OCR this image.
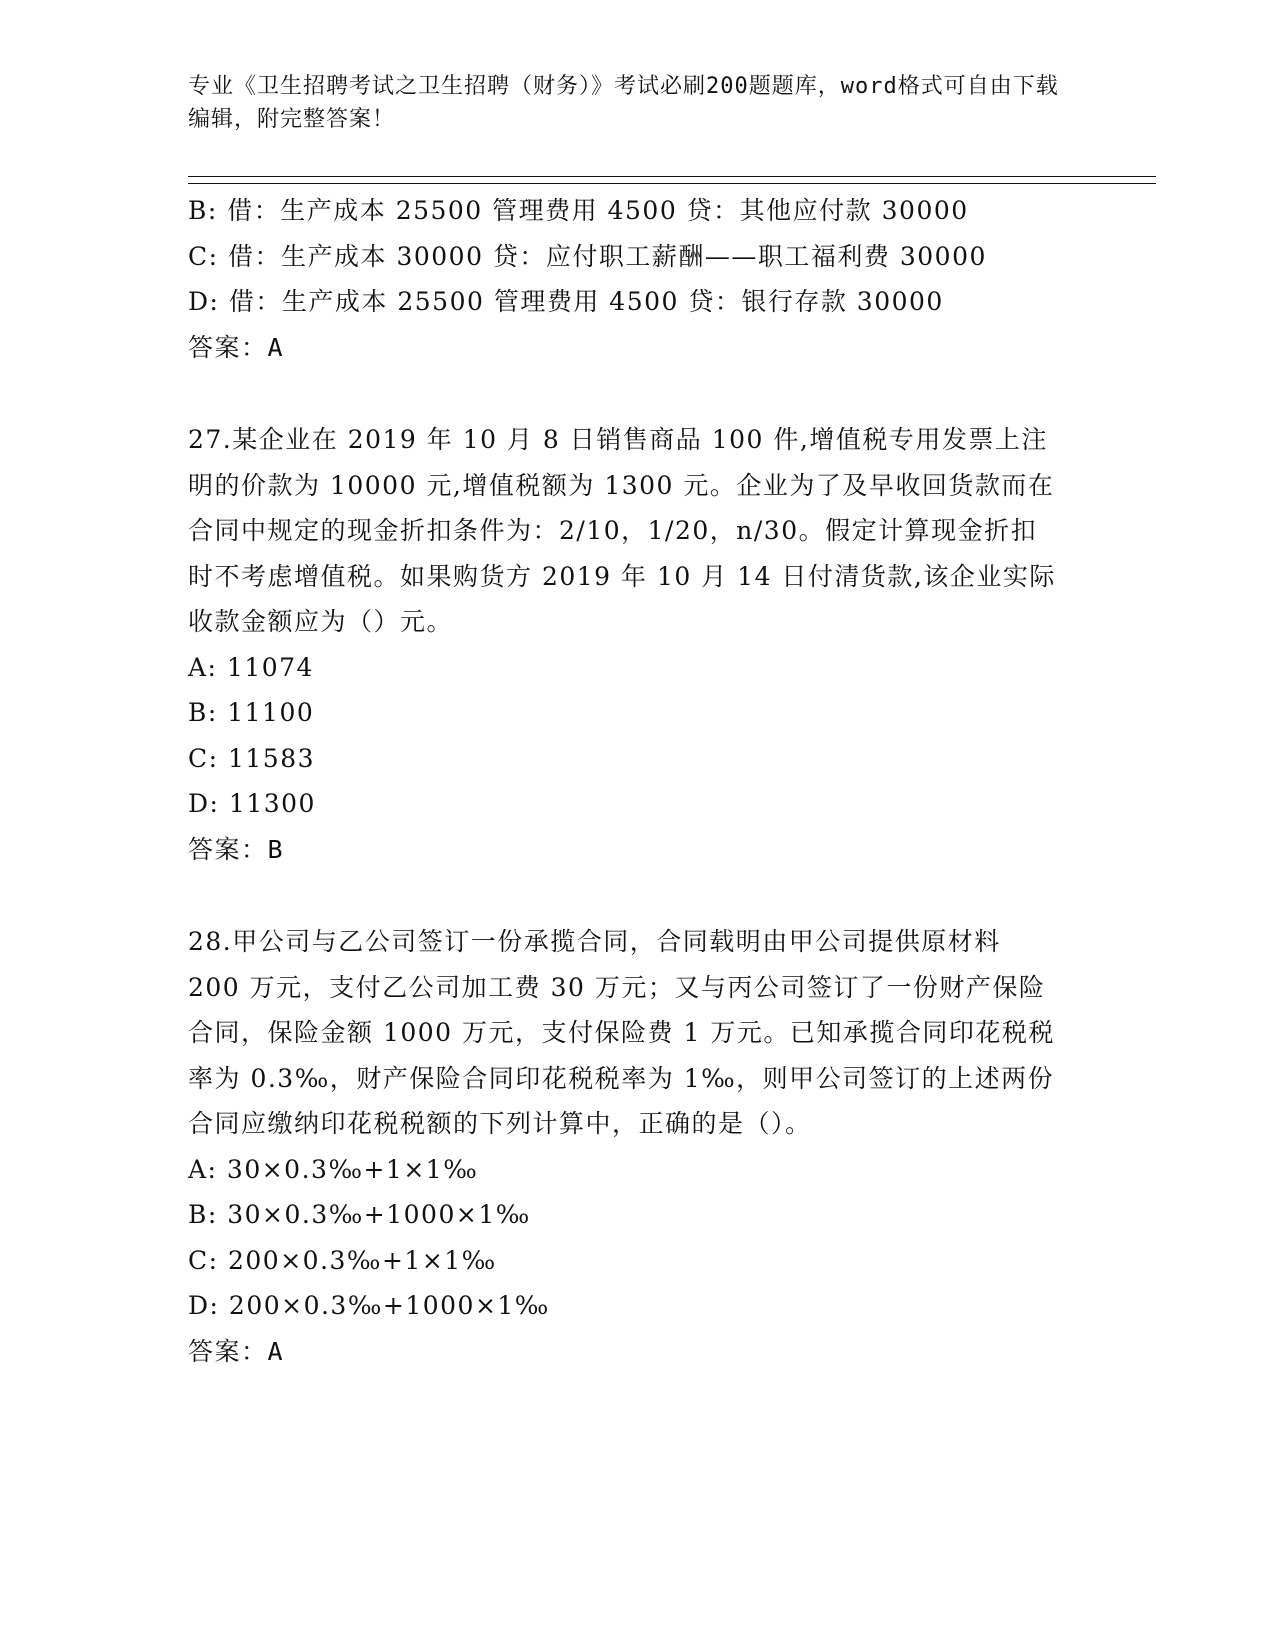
专业《卫生招聘考试之卫生招聘（财务）》考试必刷200题题库，word格式可自由下载编辑，附完整答案！
B: 借：生产成本 25500 管理费用 4500 贷：其他应付款 30000
C: 借：生产成本 30000 贷：应付职工薪酬——职工福利费 30000
D: 借：生产成本 25500 管理费用 4500 贷：银行存款 30000
答案：A
27.某企业在 2019 年 10 月 8 日销售商品 100 件,增值税专用发票上注明的价款为 10000 元,增值税额为 1300 元。企业为了及早收回货款而在合同中规定的现金折扣条件为：2/10，1/20，n/30。假定计算现金折扣时不考虑增值税。如果购货方 2019 年 10 月 14 日付清货款,该企业实际收款金额应为（）元。
A: 11074
B: 11100
C: 11583
D: 11300
答案：B
28.甲公司与乙公司签订一份承揽合同，合同载明由甲公司提供原材料 200 万元，支付乙公司加工费 30 万元；又与丙公司签订了一份财产保险合同，保险金额 1000 万元，支付保险费 1 万元。已知承揽合同印花税税率为 0.3‰，财产保险合同印花税税率为 1‰，则甲公司签订的上述两份合同应缴纳印花税税额的下列计算中，正确的是（）。
A: 30×0.3‰+1×1‰
B: 30×0.3‰+1000×1‰
C: 200×0.3‰+1×1‰
D: 200×0.3‰+1000×1‰
答案：A
